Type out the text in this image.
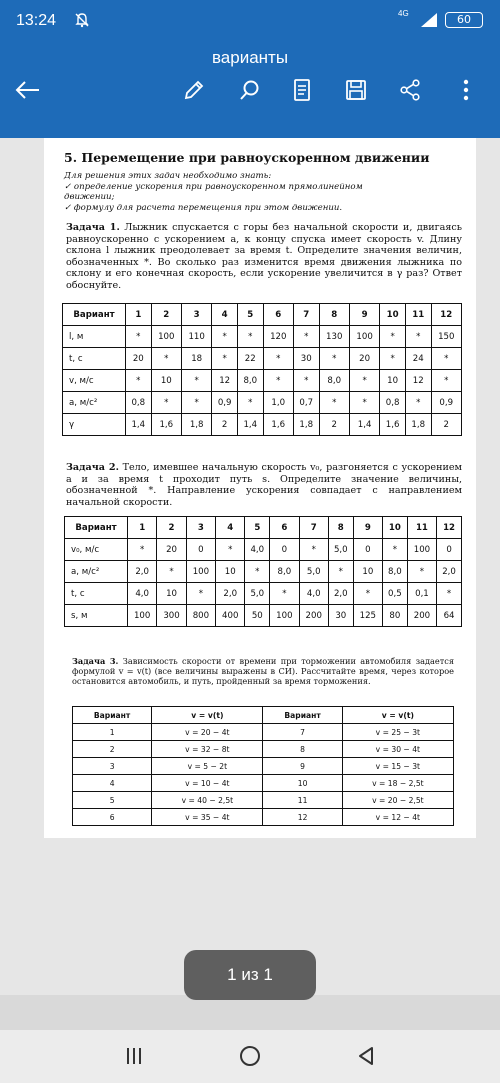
13:24	4G	60
варианты
5. Перемещение при равноускоренном движении
Для решения этих задач необходимо знать:
✓ определение ускорения при равноускоренном прямолинейном
движении;
✓ формулу для расчета перемещения при этом движении.
Задача 1. Лыжник спускается с горы без начальной скорости и, двигаясь равноускоренно с ускорением a, к концу спуска имеет скорость v. Длину склона l лыжник преодолевает за время t. Определите значения величин, обозначенных *. Во сколько раз изменится время движения лыжника по склону и его конечная скорость, если ускорение увеличится в γ раз? Ответ обоснуйте.
Вариант	1	2	3	4	5	6	7	8	9	10	11	12
l, м	*	100	110	*	*	120	*	130	100	*	*	150
t, с	20	*	18	*	22	*	30	*	20	*	24	*
v, м/с	*	10	*	12	8,0	*	*	8,0	*	10	12	*
a, м/с²	0,8	*	*	0,9	*	1,0	0,7	*	*	0,8	*	0,9
γ	1,4	1,6	1,8	2	1,4	1,6	1,8	2	1,4	1,6	1,8	2
Задача 2. Тело, имевшее начальную скорость v₀, разгоняется с ускорением a и за время t проходит путь s. Определите значение величины, обозначенной *. Направление ускорения совпадает с направлением начальной скорости.
Вариант	1	2	3	4	5	6	7	8	9	10	11	12
v₀, м/с	*	20	0	*	4,0	0	*	5,0	0	*	100	0
a, м/с²	2,0	*	100	10	*	8,0	5,0	*	10	8,0	*	2,0
t, с	4,0	10	*	2,0	5,0	*	4,0	2,0	*	0,5	0,1	*
s, м	100	300	800	400	50	100	200	30	125	80	200	64
Задача 3. Зависимость скорости от времени при торможении автомобиля задается формулой v = v(t) (все величины выражены в СИ). Рассчитайте время, через которое остановится автомобиль, и путь, пройденный за время торможения.
Вариант	v = v(t)	Вариант	v = v(t)
1	v = 20 − 4t	7	v = 25 − 3t
2	v = 32 − 8t	8	v = 30 − 4t
3	v = 5 − 2t	9	v = 15 − 3t
4	v = 10 − 4t	10	v = 18 − 2,5t
5	v = 40 − 2,5t	11	v = 20 − 2,5t
6	v = 35 − 4t	12	v = 12 − 4t
1 из 1
